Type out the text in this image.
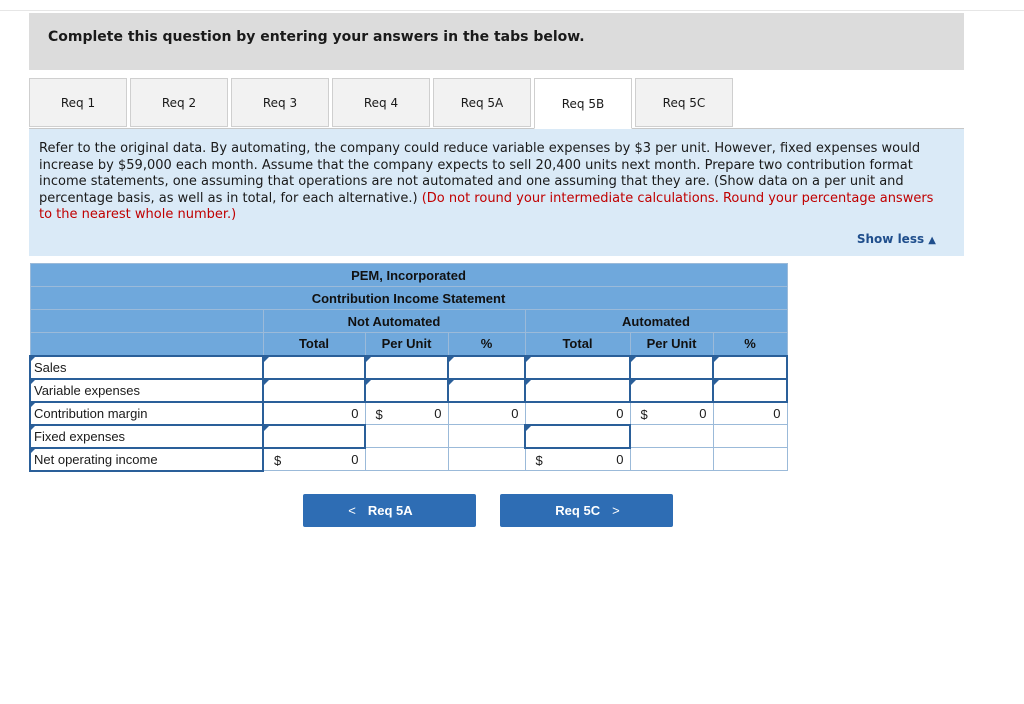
Complete this question by entering your answers in the tabs below.
Req 1	Req 2	Req 3	Req 4	Req 5A	Req 5B	Req 5C
Refer to the original data. By automating, the company could reduce variable expenses by $3 per unit. However, fixed expenses would increase by $59,000 each month. Assume that the company expects to sell 20,400 units next month. Prepare two contribution format income statements, one assuming that operations are not automated and one assuming that they are. (Show data on a per unit and percentage basis, as well as in total, for each alternative.) (Do not round your intermediate calculations. Round your percentage answers to the nearest whole number.)
Show less ▲
PEM, Incorporated						
Contribution Income Statement						
	Not Automated			Automated		
	Total	Per Unit	%	Total	Per Unit	%

Sales	

Variable expenses	

Contribution margin	0	$ 0	0	0	$ 0	0

Fixed expenses	

Net operating income	$ 0			$ 0		
< Req 5A	Req 5C >
